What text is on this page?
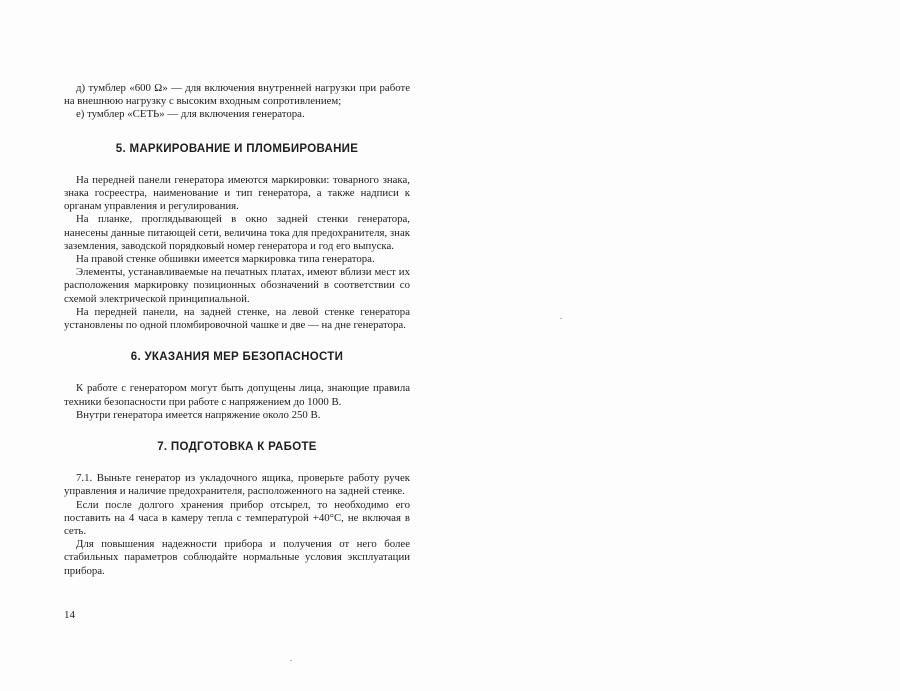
д) тумблер «600 Ω» — для включения внутренней нагрузки при работе на внешнюю нагрузку с высоким входным сопротивлением;

е) тумблер «СЕТЬ» — для включения генератора.

5. МАРКИРОВАНИЕ И ПЛОМБИРОВАНИЕ

На передней панели генератора имеются маркировки: товарного знака, знака госреестра, наименование и тип генератора, а также надписи к органам управления и регулирования.

На планке, проглядывающей в окно задней стенки генератора, нанесены данные питающей сети, величина тока для предохранителя, знак заземления, заводской порядковый номер генератора и год его выпуска.

На правой стенке обшивки имеется маркировка типа генератора.

Элементы, устанавливаемые на печатных платах, имеют вблизи мест их расположения маркировку позиционных обозначений в соответствии со схемой электрической принципиальной.

На передней панели, на задней стенке, на левой стенке генератора установлены по одной пломбировочной чашке и две — на дне генератора.

6. УКАЗАНИЯ МЕР БЕЗОПАСНОСТИ

К работе с генератором могут быть допущены лица, знающие правила техники безопасности при работе с напряжением до 1000 В.

Внутри генератора имеется напряжение около 250 В.

7. ПОДГОТОВКА К РАБОТЕ

7.1. Выньте генератор из укладочного ящика, проверьте работу ручек управления и наличие предохранителя, расположенного на задней стенке.

Если после долгого хранения прибор отсырел, то необходимо его поставить на 4 часа в камеру тепла с температурой +40°С, не включая в сеть.

Для повышения надежности прибора и получения от него более стабильных параметров соблюдайте нормальные условия эксплуатации прибора.

14
